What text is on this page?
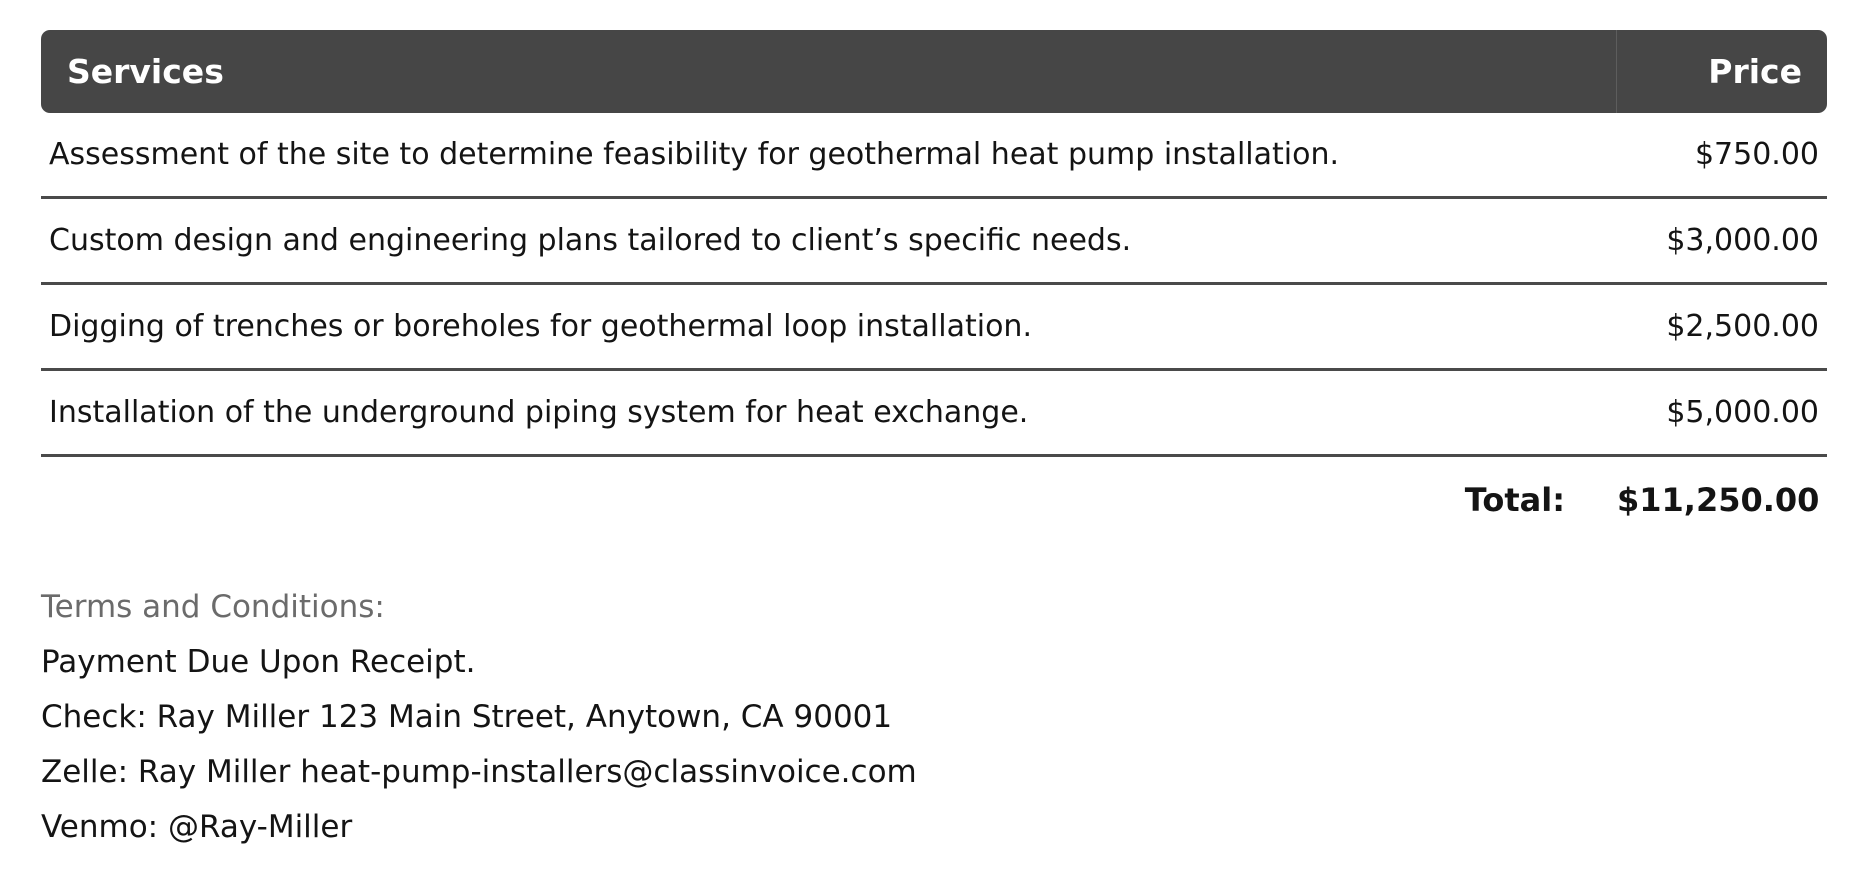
Services	Price
Assessment of the site to determine feasibility for geothermal heat pump installation.	$750.00
Custom design and engineering plans tailored to client’s specific needs.	$3,000.00
Digging of trenches or boreholes for geothermal loop installation.	$2,500.00
Installation of the underground piping system for heat exchange.	$5,000.00
Total:	$11,250.00
Terms and Conditions:
Payment Due Upon Receipt.
Check: Ray Miller 123 Main Street, Anytown, CA 90001
Zelle: Ray Miller heat-pump-installers@classinvoice.com
Venmo: @Ray-Miller
